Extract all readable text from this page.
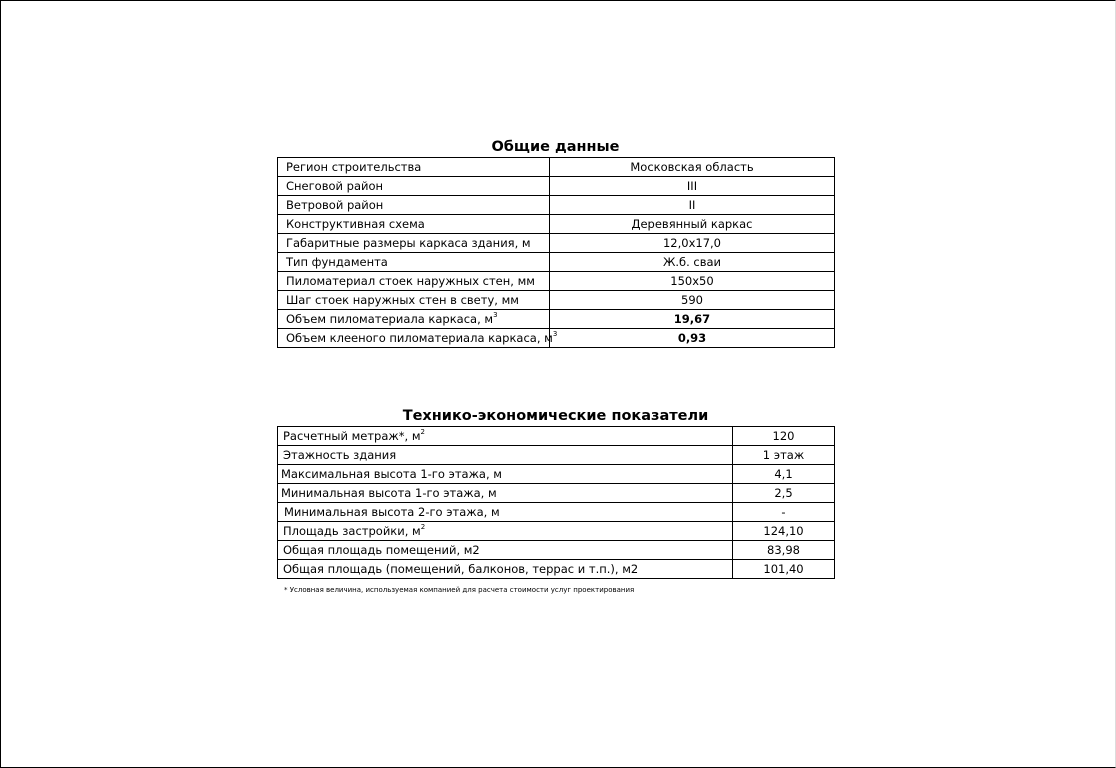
Общие данные
Регион строительства	Московская область
Снеговой район	III
Ветровой район	II
Конструктивная схема	Деревянный каркас
Габаритные размеры каркаса здания, м	12,0х17,0
Тип фундамента	Ж.б. сваи
Пиломатериал стоек наружных стен, мм	150х50
Шаг стоек наружных стен в свету, мм	590
Объем пиломатериала каркаса, $м^3$	19,67
Объем клееного пиломатериала каркаса, $м^3$	0,93
Технико-экономические показатели
Расчетный метраж*, $м^2$	120
Этажность здания	1 этаж
Максимальная высота 1-го этажа, м	4,1
Минимальная высота 1-го этажа, м	2,5
Минимальная высота 2-го этажа, м	-
Площадь застройки, $м^2$	124,10
Общая площадь помещений, м2	83,98
Общая площадь (помещений, балконов, террас и т.п.), м2	101,40
* Условная величина, используемая компанией для расчета стоимости услуг проектирования
